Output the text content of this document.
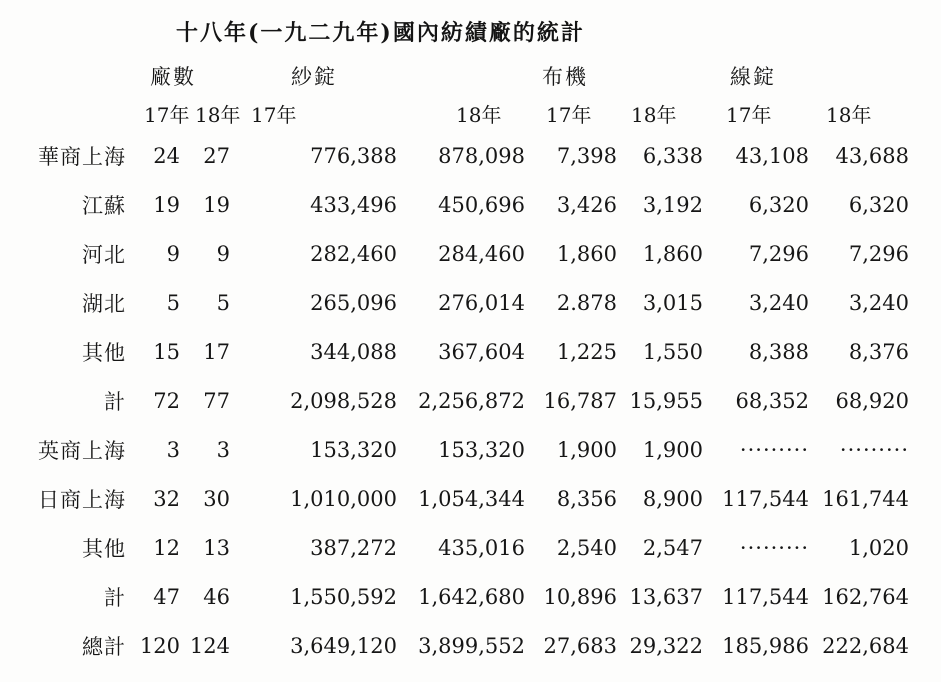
十八年(一九二九年)國內紡績廠的統計
	廠數		紗錠		布機		線錠	
	17年	18年	17年	18年	17年	18年	17年	18年
華商上海	24	27	776,388	878,098	7,398	6,338	43,108	43,688
江蘇	19	19	433,496	450,696	3,426	3,192	6,320	6,320
河北	9	9	282,460	284,460	1,860	1,860	7,296	7,296
湖北	5	5	265,096	276,014	2.878	3,015	3,240	3,240
其他	15	17	344,088	367,604	1,225	1,550	8,388	8,376
計	72	77	2,098,528	2,256,872	16,787	15,955	68,352	68,920
英商上海	3	3	153,320	153,320	1,900	1,900	·········	·········
日商上海	32	30	1,010,000	1,054,344	8,356	8,900	117,544	161,744
其他	12	13	387,272	435,016	2,540	2,547	·········	1,020
計	47	46	1,550,592	1,642,680	10,896	13,637	117,544	162,764
總計	120	124	3,649,120	3,899,552	27,683	29,322	185,986	222,684
